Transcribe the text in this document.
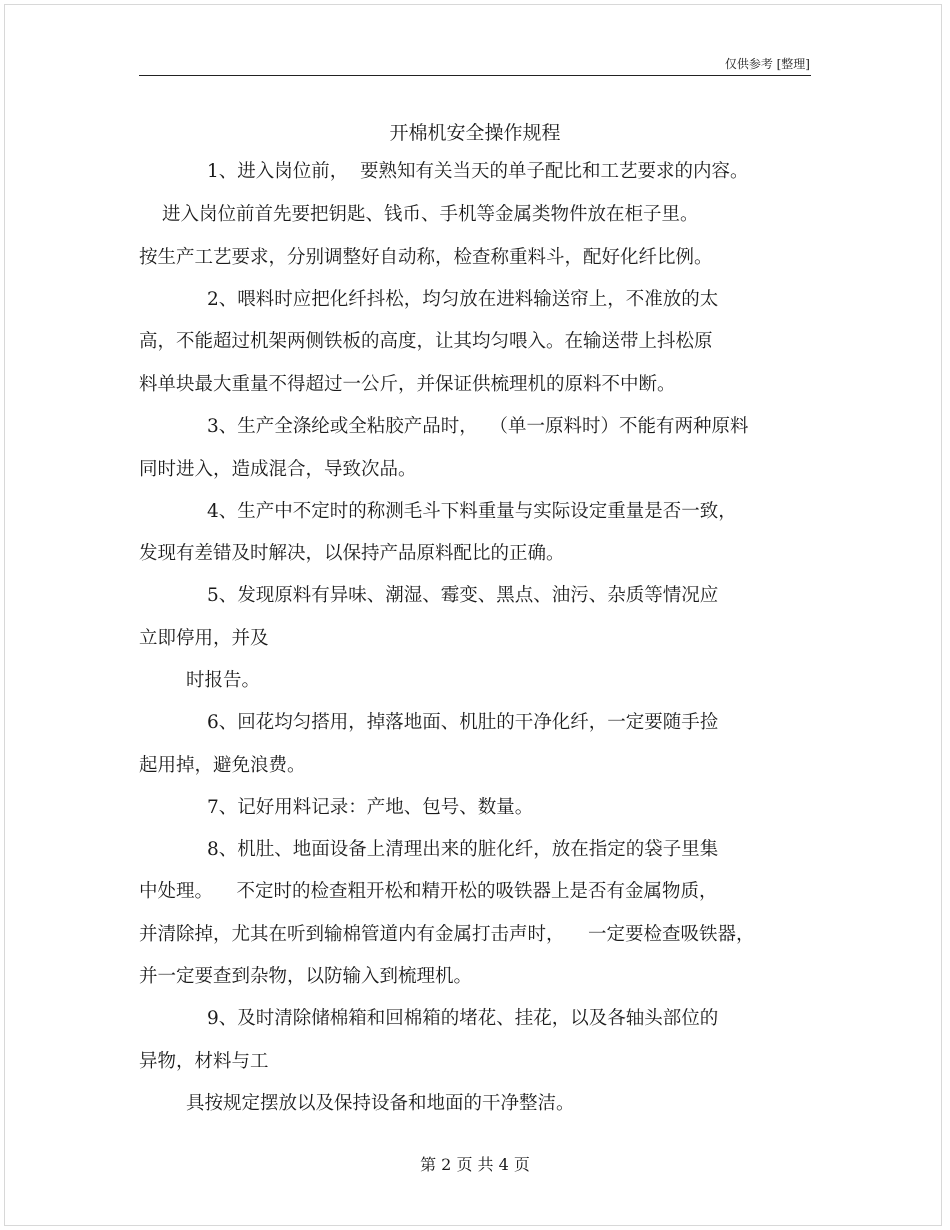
仅供参考 [整理]
开棉机安全操作规程
1、进入岗位前，  要熟知有关当天的单子配比和工艺要求的内容。
进入岗位前首先要把钥匙、钱币、手机等金属类物件放在柜子里。
按生产工艺要求，分别调整好自动称，检查称重料斗，配好化纤比例。
2、喂料时应把化纤抖松，均匀放在进料输送帘上，不准放的太
高，不能超过机架两侧铁板的高度，让其均匀喂入。在输送带上抖松原
料单块最大重量不得超过一公斤，并保证供梳理机的原料不中断。
3、生产全涤纶或全粘胶产品时，  （单一原料时）不能有两种原料
同时进入，造成混合，导致次品。
4、生产中不定时的称测毛斗下料重量与实际设定重量是否一致，
发现有差错及时解决，以保持产品原料配比的正确。
5、发现原料有异味、潮湿、霉变、黑点、油污、杂质等情况应
立即停用，并及
时报告。
6、回花均匀搭用，掉落地面、机肚的干净化纤，一定要随手捡
起用掉，避免浪费。
7、记好用料记录：产地、包号、数量。
8、机肚、地面设备上清理出来的脏化纤，放在指定的袋子里集
中处理。    不定时的检查粗开松和精开松的吸铁器上是否有金属物质，
并清除掉，尤其在听到输棉管道内有金属打击声时，    一定要检查吸铁器，
并一定要查到杂物，以防输入到梳理机。
9、及时清除储棉箱和回棉箱的堵花、挂花，以及各轴头部位的
异物，材料与工
具按规定摆放以及保持设备和地面的干净整洁。
第 2 页 共 4 页
